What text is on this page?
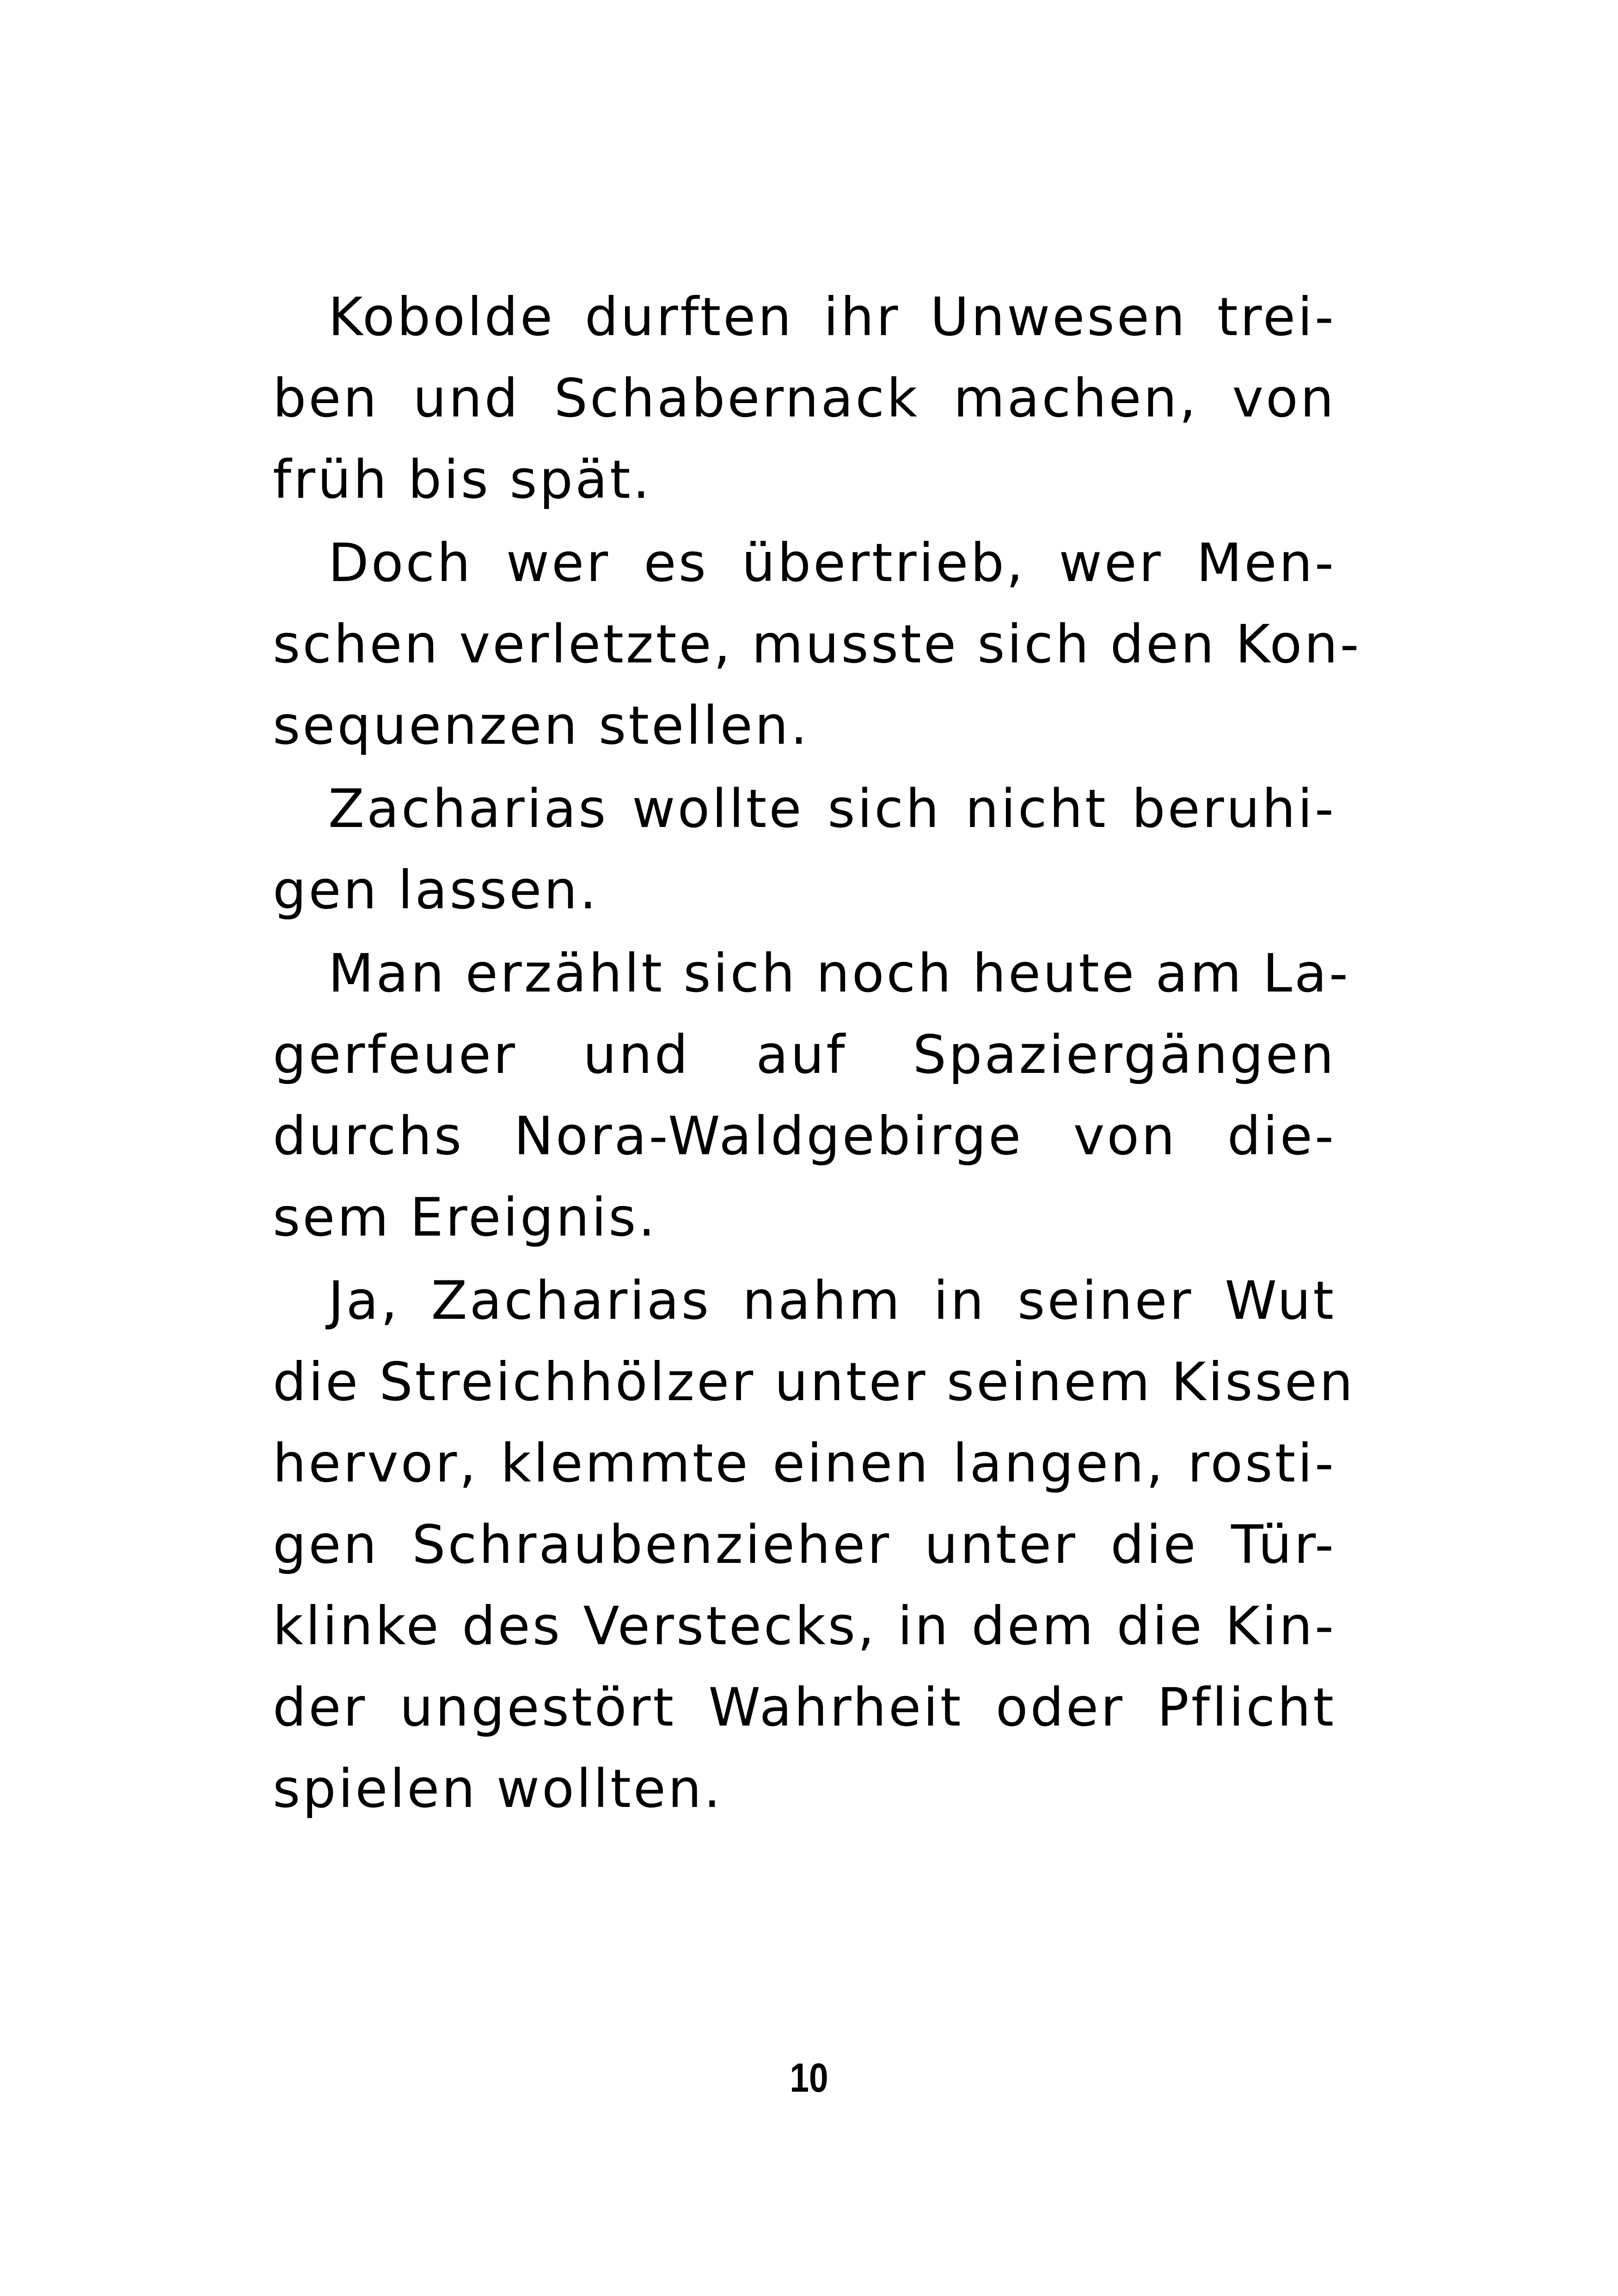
Kobolde durften ihr Unwesen trei-
ben und Schabernack machen, von
früh bis spät.
Doch wer es übertrieb, wer Men-
schen verletzte, musste sich den Kon-
sequenzen stellen.
Zacharias wollte sich nicht beruhi-
gen lassen.
Man erzählt sich noch heute am La-
gerfeuer und auf Spaziergängen
durchs Nora-Waldgebirge von die-
sem Ereignis.
Ja, Zacharias nahm in seiner Wut
die Streichhölzer unter seinem Kissen
hervor, klemmte einen langen, rosti-
gen Schraubenzieher unter die Tür-
klinke des Verstecks, in dem die Kin-
der ungestört Wahrheit oder Pflicht
spielen wollten.
10
